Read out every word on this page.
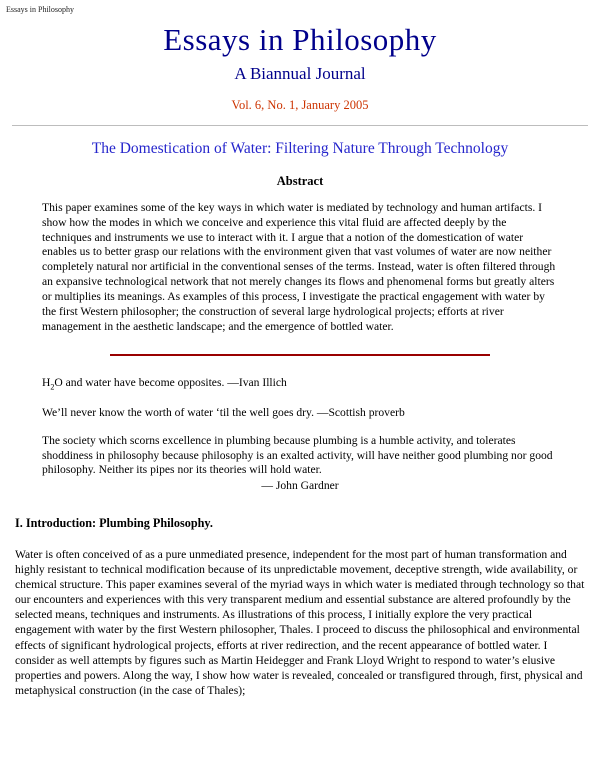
Essays in Philosophy
Essays in Philosophy
A Biannual Journal
Vol. 6, No. 1, January 2005
The Domestication of Water: Filtering Nature Through Technology
Abstract

This paper examines some of the key ways in which water is mediated by technology and human artifacts. I show how the modes in which we conceive and experience this vital fluid are affected deeply by the techniques and instruments we use to interact with it. I argue that a notion of the domestication of water enables us to better grasp our relations with the environment given that vast volumes of water are now neither completely natural nor artificial in the conventional senses of the terms. Instead, water is often filtered through an expansive technological network that not merely changes its flows and phenomenal forms but greatly alters or multiplies its meanings. As examples of this process, I investigate the practical engagement with water by the first Western philosopher; the construction of several large hydrological projects; efforts at river management in the aesthetic landscape; and the emergence of bottled water.

$H_2O$ and water have become opposites. —Ivan Illich

We’ll never know the worth of water ‘til the well goes dry. —Scottish proverb

The society which scorns excellence in plumbing because plumbing is a humble activity, and tolerates shoddiness in philosophy because philosophy is an exalted activity, will have neither good plumbing nor good philosophy. Neither its pipes nor its theories will hold water.
— John Gardner

I. Introduction: Plumbing Philosophy.

Water is often conceived of as a pure unmediated presence, independent for the most part of human transformation and highly resistant to technical modification because of its unpredictable movement, deceptive strength, wide availability, or chemical structure. This paper examines several of the myriad ways in which water is mediated through technology so that our encounters and experiences with this very transparent medium and essential substance are altered profoundly by the selected means, techniques and instruments. As illustrations of this process, I initially explore the very practical engagement with water by the first Western philosopher, Thales. I proceed to discuss the philosophical and environmental effects of significant hydrological projects, efforts at river redirection, and the recent appearance of bottled water. I consider as well attempts by figures such as Martin Heidegger and Frank Lloyd Wright to respond to water’s elusive properties and powers. Along the way, I show how water is revealed, concealed or transfigured through, first, physical and metaphysical construction (in the case of Thales);
